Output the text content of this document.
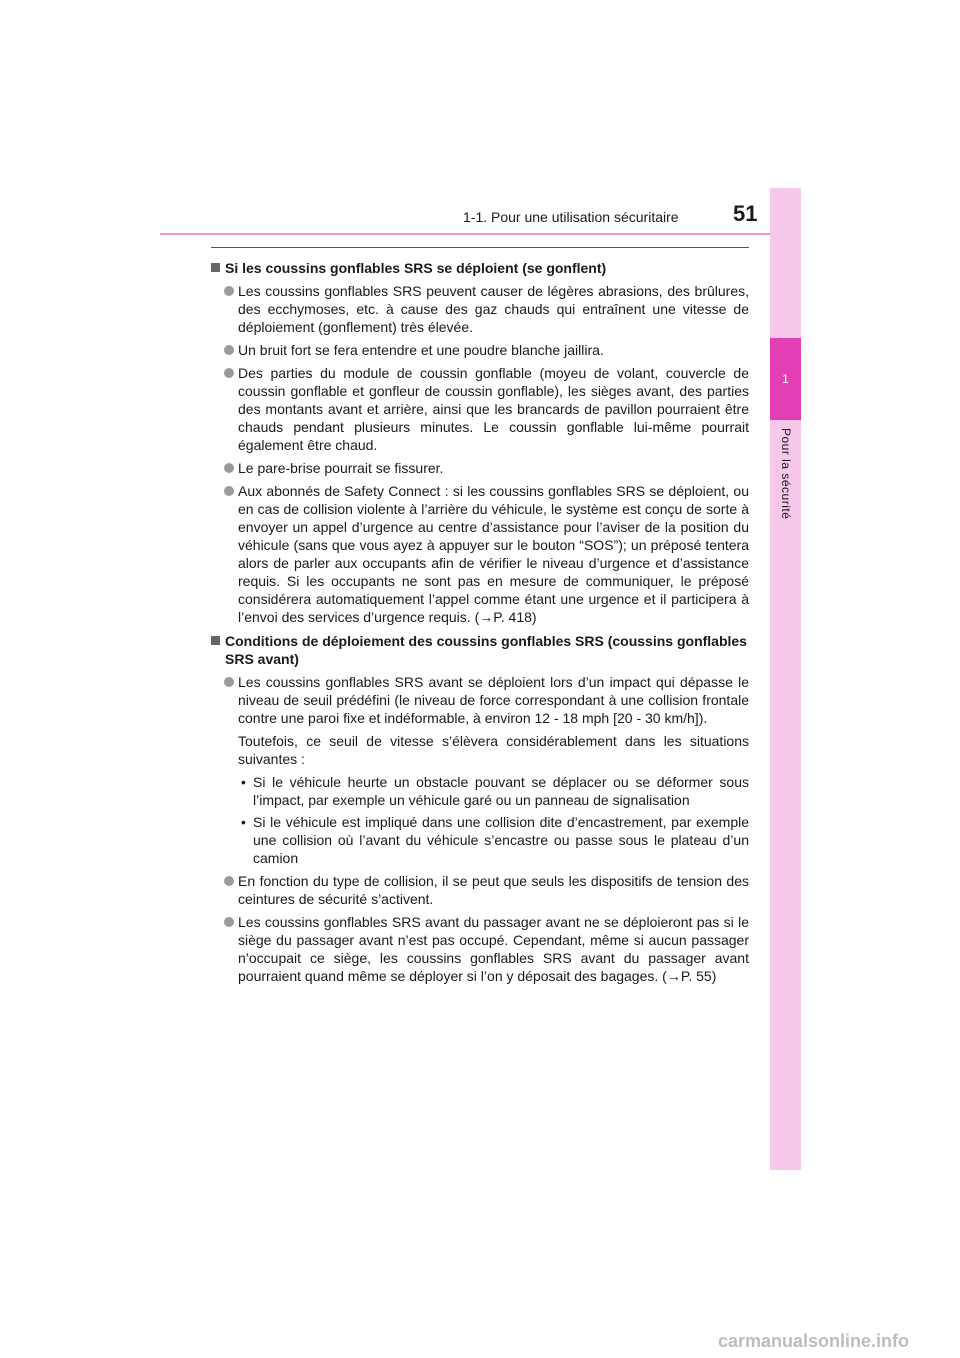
1-1. Pour une utilisation sécuritaire 51
1
Pour la sécurité
Si les coussins gonflables SRS se déploient (se gonflent)
Les coussins gonflables SRS peuvent causer de légères abrasions, des brûlures, des ecchymoses, etc. à cause des gaz chauds qui entraînent une vitesse de déploiement (gonflement) très élevée.
Un bruit fort se fera entendre et une poudre blanche jaillira.
Des parties du module de coussin gonflable (moyeu de volant, couvercle de coussin gonflable et gonfleur de coussin gonflable), les sièges avant, des parties des montants avant et arrière, ainsi que les brancards de pavillon pourraient être chauds pendant plusieurs minutes. Le coussin gonflable lui-même pourrait également être chaud.
Le pare-brise pourrait se fissurer.
Aux abonnés de Safety Connect : si les coussins gonflables SRS se déploient, ou en cas de collision violente à l’arrière du véhicule, le système est conçu de sorte à envoyer un appel d’urgence au centre d’assistance pour l’aviser de la position du véhicule (sans que vous ayez à appuyer sur le bouton “SOS”); un préposé tentera alors de parler aux occupants afin de vérifier le niveau d’urgence et d’assistance requis. Si les occupants ne sont pas en mesure de communiquer, le préposé considérera automatiquement l’appel comme étant une urgence et il participera à l’envoi des services d’urgence requis. (→P. 418)
Conditions de déploiement des coussins gonflables SRS (coussins gonflables SRS avant)
Les coussins gonflables SRS avant se déploient lors d’un impact qui dépasse le niveau de seuil prédéfini (le niveau de force correspondant à une collision frontale contre une paroi fixe et indéformable, à environ 12 - 18 mph [20 - 30 km/h]).
Toutefois, ce seuil de vitesse s’élèvera considérablement dans les situations suivantes :
• Si le véhicule heurte un obstacle pouvant se déplacer ou se déformer sous l’impact, par exemple un véhicule garé ou un panneau de signalisation
• Si le véhicule est impliqué dans une collision dite d’encastrement, par exemple une collision où l’avant du véhicule s’encastre ou passe sous le plateau d’un camion
En fonction du type de collision, il se peut que seuls les dispositifs de tension des ceintures de sécurité s’activent.
Les coussins gonflables SRS avant du passager avant ne se déploieront pas si le siège du passager avant n’est pas occupé. Cependant, même si aucun passager n’occupait ce siège, les coussins gonflables SRS avant du passager avant pourraient quand même se déployer si l’on y déposait des bagages. (→P. 55)
carmanualsonline.info
